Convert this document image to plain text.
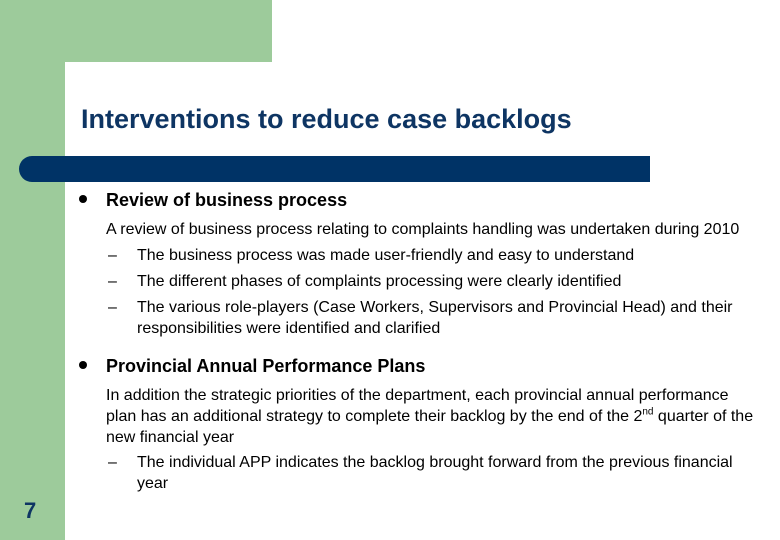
Interventions to reduce case backlogs
7
Review of business process

A review of business process relating to complaints handling was undertaken during 2010

– The business process was made user-friendly and easy to understand

– The different phases of complaints processing were clearly identified

– The various role-players (Case Workers, Supervisors and Provincial Head) and their responsibilities were identified and clarified

Provincial Annual Performance Plans

In addition the strategic priorities of the department, each provincial annual performance plan has an additional strategy to complete their backlog by the end of the 2nd quarter of the new financial year

– The individual APP indicates the backlog brought forward from the previous financial year
